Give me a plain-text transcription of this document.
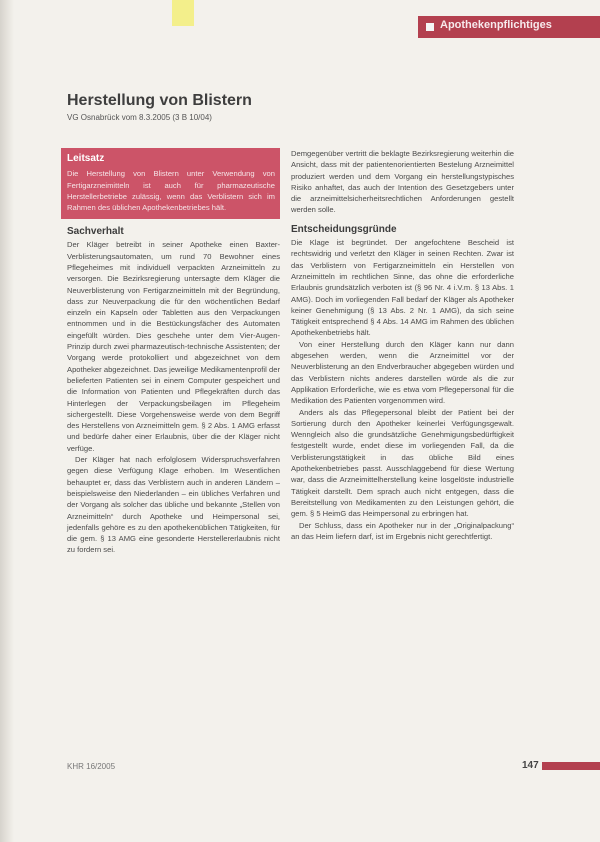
Apothekenpflichtiges
Herstellung von Blistern
VG Osnabrück vom 8.3.2005 (3 B 10/04)
Leitsatz
Die Herstellung von Blistern unter Verwendung von Fertigarzneimitteln ist auch für pharmazeutische Herstellerbetriebe zulässig, wenn das Verblistern sich im Rahmen des üblichen Apothekenbetriebes hält.
Sachverhalt

Der Kläger betreibt in seiner Apotheke einen Baxter-Verblisterungsautomaten, um rund 70 Bewohner eines Pflegeheimes mit individuell verpackten Arzneimitteln zu versorgen. Die Bezirksregierung untersagte dem Kläger die Neuverblisterung von Fertigarzneimitteln mit der Begründung, dass zur Neuverpackung die für den wöchentlichen Bedarf einzeln ein Kapseln oder Tabletten aus den Verpackungen entnommen und in die Bestückungsfächer des Automaten eingefüllt würden. Dies geschehe unter dem Vier-Augen-Prinzip durch zwei pharmazeutisch-technische Assistenten; der Vorgang werde protokolliert und abgezeichnet von dem Apotheker abgezeichnet. Das jeweilige Medikamentenprofil der belieferten Patienten sei in einem Computer gespeichert und die Information von Patienten und Pflegekräften durch das Hinterlegen der Verpackungsbeilagen im Pflegeheim sichergestellt. Diese Vorgehensweise werde von dem Begriff des Herstellens von Arzneimitteln gem. § 2 Abs. 1 AMG erfasst und bedürfe daher einer Erlaubnis, über die der Kläger nicht verfüge.

Der Kläger hat nach erfolglosem Widerspruchsverfahren gegen diese Verfügung Klage erhoben. Im Wesentlichen behauptet er, dass das Verblistern auch in anderen Ländern – beispielsweise den Niederlanden – ein übliches Verfahren und der Vorgang als solcher das übliche und bekannte „Stellen von Arzneimitteln“ durch Apotheke und Heimpersonal sei, jedenfalls gehöre es zu den apothekenüblichen Tätigkeiten, für die gem. § 13 AMG eine gesonderte Herstellererlaubnis nicht zu fordern sei.

Demgegenüber vertritt die beklagte Bezirksregierung weiterhin die Ansicht, dass mit der patientenorientierten Bestelung Arzneimittel produziert werden und dem Vorgang ein herstellungstypisches Risiko anhaftet, das auch der Intention des Gesetzgebers unter die arzneimittelsicherheitsrechtlichen Anforderungen gestellt werden solle.

Entscheidungsgründe

Die Klage ist begründet. Der angefochtene Bescheid ist rechtswidrig und verletzt den Kläger in seinen Rechten. Zwar ist das Verblistern von Fertigarzneimitteln ein Herstellen von Arzneimitteln im rechtlichen Sinne, das ohne die erforderliche Erlaubnis grundsätzlich verboten ist (§ 96 Nr. 4 i.V.m. § 13 Abs. 1 AMG). Doch im vorliegenden Fall bedarf der Kläger als Apotheker keiner Genehmigung (§ 13 Abs. 2 Nr. 1 AMG), da sich seine Tätigkeit entsprechend § 4 Abs. 14 AMG im Rahmen des üblichen Apothekenbetriebs hält.

Von einer Herstellung durch den Kläger kann nur dann abgesehen werden, wenn die Arzneimittel vor der Neuverblisterung an den Endverbraucher abgegeben würden und das Verblistern nichts anderes darstellen würde als die zur Applikation Erforderliche, wie es etwa vom Pflegepersonal für die Medikation des Patienten vorgenommen wird.

Anders als das Pflegepersonal bleibt der Patient bei der Sortierung durch den Apotheker keinerlei Verfügungsgewalt. Wenngleich also die grundsätzliche Genehmigungsbedürftigkeit festgestellt wurde, endet diese im vorliegenden Fall, da die Verblisterungstätigkeit in das übliche Bild eines Apothekenbetriebes passt. Ausschlaggebend für diese Wertung war, dass die Arzneimittelherstellung keine losgelöste industrielle Tätigkeit darstellt. Dem sprach auch nicht entgegen, dass die Bereitstellung von Medikamenten zu den Leistungen gehört, die gem. § 5 HeimG das Heimpersonal zu erbringen hat.

Der Schluss, dass ein Apotheker nur in der „Originalpackung“ an das Heim liefern darf, ist im Ergebnis nicht gerechtfertigt.

KHR 16/2005	147
